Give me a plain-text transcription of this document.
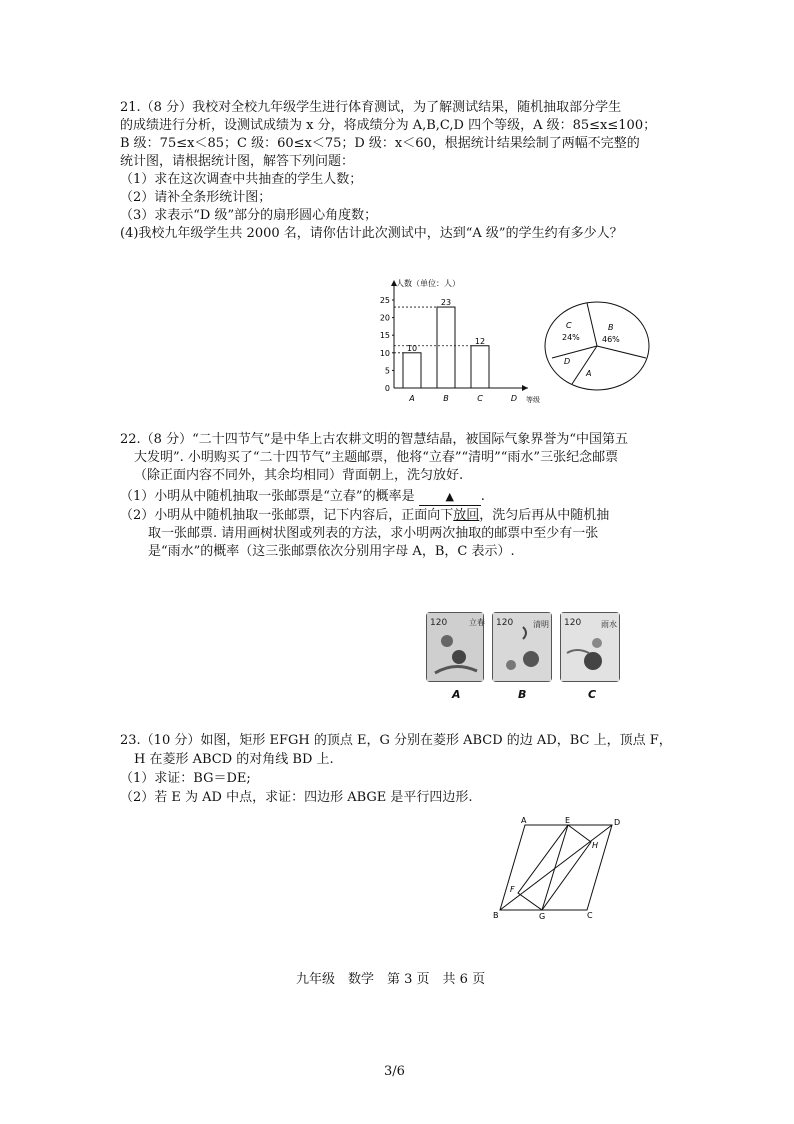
21.（8 分）我校对全校九年级学生进行体育测试，为了解测试结果，随机抽取部分学生
的成绩进行分析，设测试成绩为 x 分，将成绩分为 A,B,C,D 四个等级，A 级：85≤x≤100；
B 级：75≤x＜85；C 级：60≤x＜75；D 级：x＜60，根据统计结果绘制了两幅不完整的
统计图，请根据统计图，解答下列问题：
（1）求在这次调查中共抽查的学生人数；
（2）请补全条形统计图；
（3）求表示“D 级”部分的扇形圆心角度数；
(4)我校九年级学生共 2000 名，请你估计此次测试中，达到“A 级”的学生约有多少人？
人数（单位：人）
等级
0
5
10
15
20
25
A
10
B
23
C
12
D
C
24%
B
46%
D
A
22.（8 分）“二十四节气”是中华上古农耕文明的智慧结晶，被国际气象界誉为“中国第五
大发明”. 小明购买了“二十四节气”主题邮票，他将“立春”“清明”“雨水”三张纪念邮票
（除正面内容不同外，其余均相同）背面朝上，洗匀放好.
（1）小明从中随机抽取一张邮票是“立春”的概率是	▲ .
（2）小明从中随机抽取一张邮票，记下内容后，正面向下放回，洗匀后再从中随机抽
取一张邮票. 请用画树状图或列表的方法，求小明两次抽取的邮票中至少有一张
是“雨水”的概率（这三张邮票依次分别用字母 A，B，C 表示）.
120	立春 120 清明 120 雨水
A	B	C
23.（10 分）如图，矩形 EFGH 的顶点 E，G 分别在菱形 ABCD 的边 AD，BC 上，顶点 F，
H 在菱形 ABCD 的对角线 BD 上.
（1）求证：BG＝DE;
（2）若 E 为 AD 中点，求证：四边形 ABGE 是平行四边形.
A	E	D
H
F
B	G	C
九年级　数学　第 3 页　共 6 页
3/6
